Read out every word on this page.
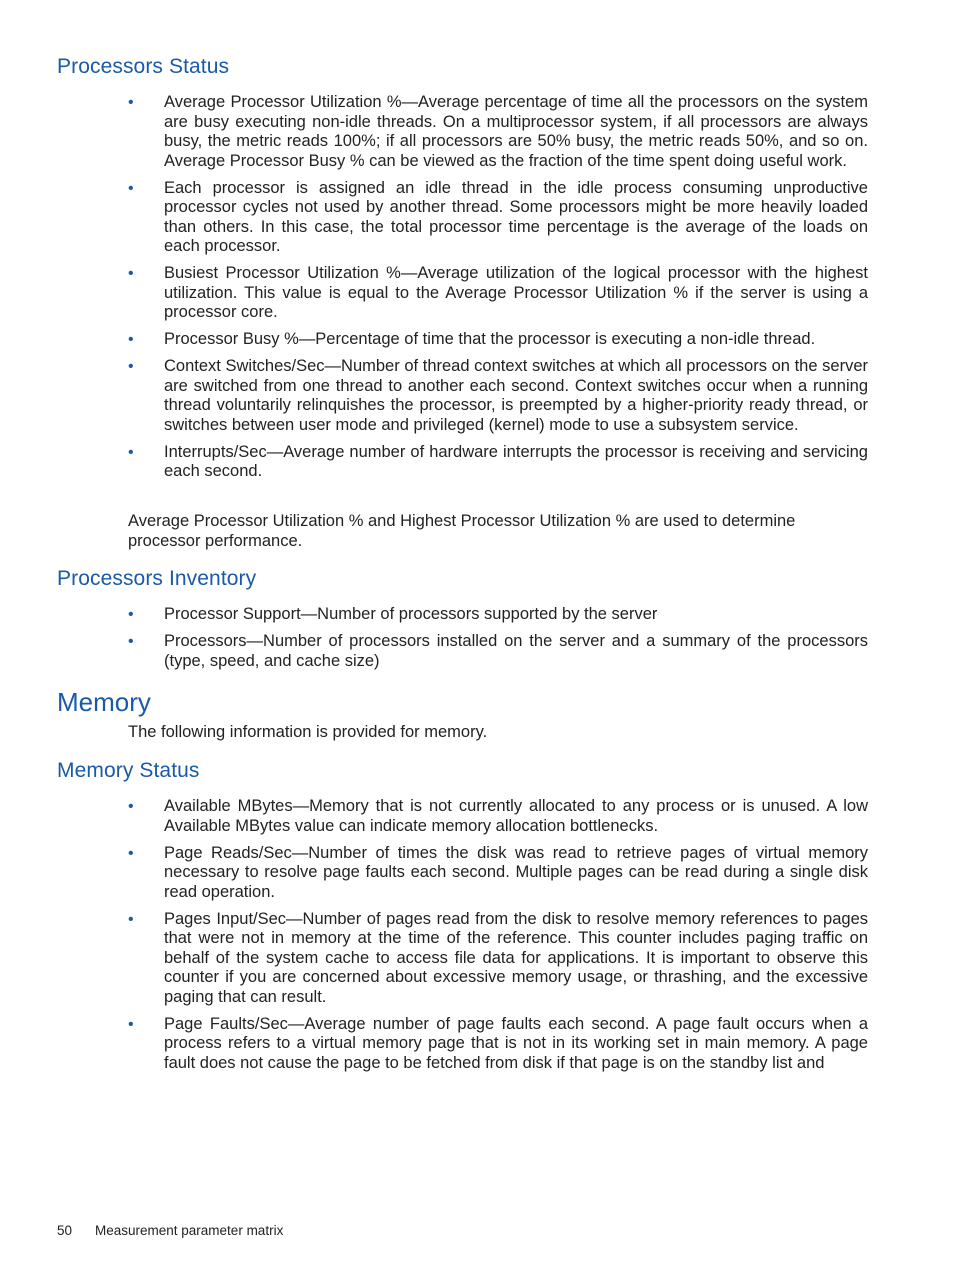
Processors Status
• Average Processor Utilization %—Average percentage of time all the processors on the system are busy executing non-idle threads. On a multiprocessor system, if all processors are always busy, the metric reads 100%; if all processors are 50% busy, the metric reads 50%, and so on. Average Processor Busy % can be viewed as the fraction of the time spent doing useful work.
• Each processor is assigned an idle thread in the idle process consuming unproductive processor cycles not used by another thread. Some processors might be more heavily loaded than others. In this case, the total processor time percentage is the average of the loads on each processor.
• Busiest Processor Utilization %—Average utilization of the logical processor with the highest utilization. This value is equal to the Average Processor Utilization % if the server is using a processor core.
• Processor Busy %—Percentage of time that the processor is executing a non-idle thread.
• Context Switches/Sec—Number of thread context switches at which all processors on the server are switched from one thread to another each second. Context switches occur when a running thread voluntarily relinquishes the processor, is preempted by a higher-priority ready thread, or switches between user mode and privileged (kernel) mode to use a subsystem service.
• Interrupts/Sec—Average number of hardware interrupts the processor is receiving and servicing each second.

Average Processor Utilization % and Highest Processor Utilization % are used to determine processor performance.

Processors Inventory
• Processor Support—Number of processors supported by the server
• Processors—Number of processors installed on the server and a summary of the processors (type, speed, and cache size)
Memory

The following information is provided for memory.

Memory Status
• Available MBytes—Memory that is not currently allocated to any process or is unused. A low Available MBytes value can indicate memory allocation bottlenecks.
• Page Reads/Sec—Number of times the disk was read to retrieve pages of virtual memory necessary to resolve page faults each second. Multiple pages can be read during a single disk read operation.
• Pages Input/Sec—Number of pages read from the disk to resolve memory references to pages that were not in memory at the time of the reference. This counter includes paging traffic on behalf of the system cache to access file data for applications. It is important to observe this counter if you are concerned about excessive memory usage, or thrashing, and the excessive paging that can result.
• Page Faults/Sec—Average number of page faults each second. A page fault occurs when a process refers to a virtual memory page that is not in its working set in main memory. A page fault does not cause the page to be fetched from disk if that page is on the standby list and
50 Measurement parameter matrix
